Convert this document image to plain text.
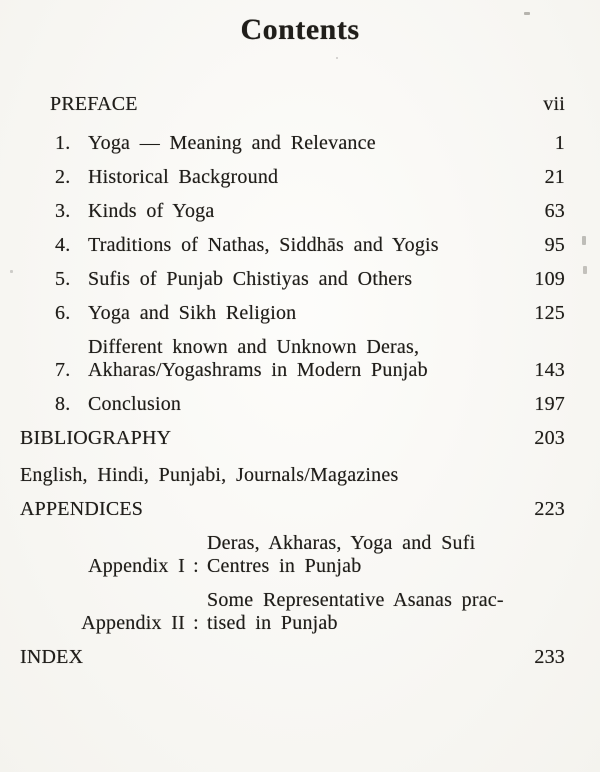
Contents
PREFACE	vii
1. Yoga — Meaning and Relevance	1
2. Historical Background	21
3. Kinds of Yoga	63
4. Traditions of Nathas, Siddhās and Yogis	95
5. Sufis of Punjab Chistiyas and Others	109
6. Yoga and Sikh Religion	125
7.
Different known and Unknown Deras,
Akharas/Yogashrams in Modern Punjab	143
8. Conclusion	197
BIBLIOGRAPHY	203
English, Hindi, Punjabi, Journals/Magazines
APPENDICES	223
Appendix I :
Deras, Akharas, Yoga and Sufi
Centres in Punjab
Appendix II :
Some Representative Asanas prac-
tised in Punjab
INDEX	233
